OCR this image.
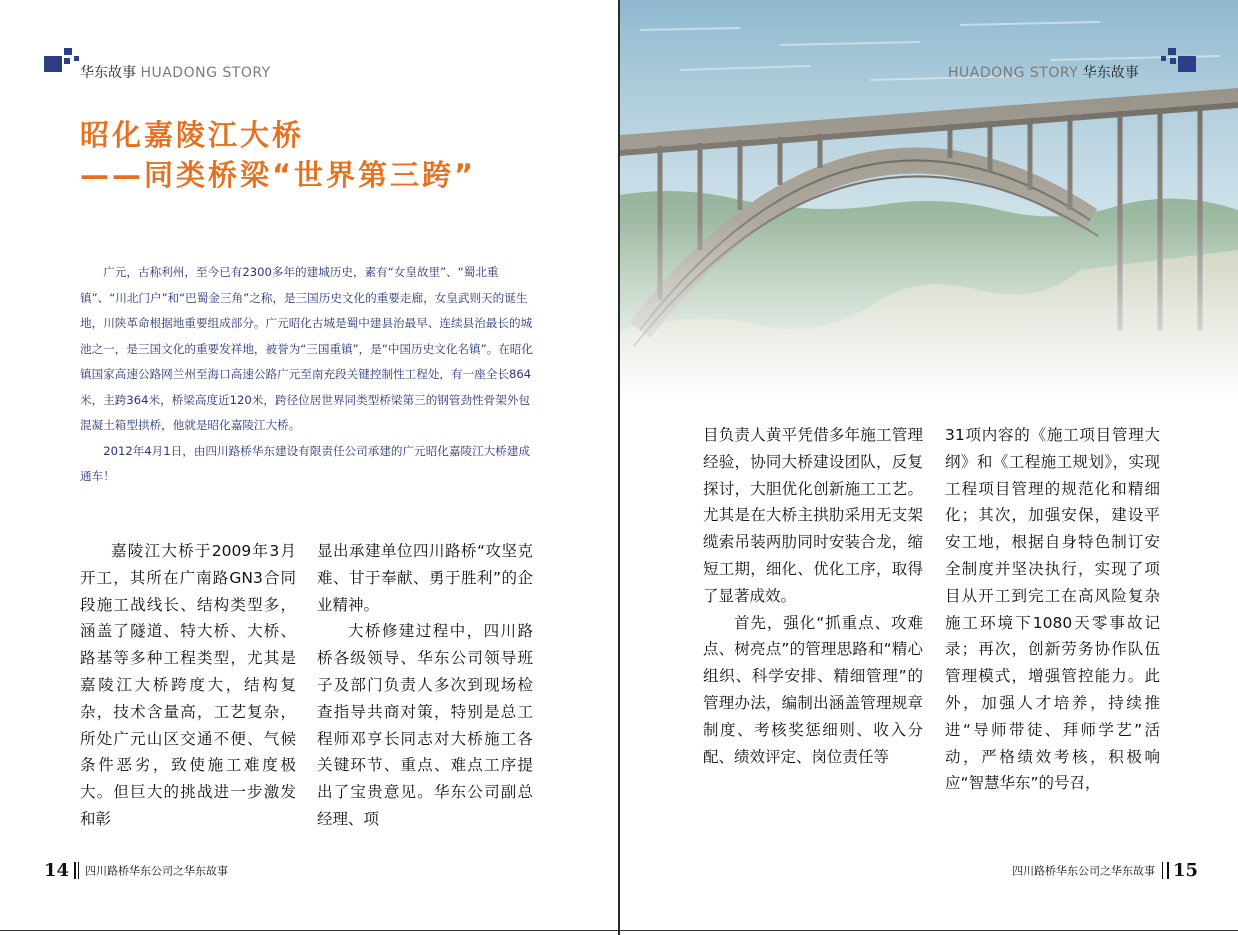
华东故事 HUADONG STORY
昭化嘉陵江大桥
——同类桥梁“世界第三跨”

广元，古称利州，至今已有2300多年的建城历史，素有“女皇故里”、“蜀北重镇”、“川北门户”和“巴蜀金三角”之称，是三国历史文化的重要走廊，女皇武则天的诞生地，川陕革命根据地重要组成部分。广元昭化古城是蜀中建县治最早、连续县治最长的城池之一，是三国文化的重要发祥地，被誉为“三国重镇”，是“中国历史文化名镇”。在昭化镇国家高速公路网兰州至海口高速公路广元至南充段关键控制性工程处，有一座全长864米，主跨364米，桥梁高度近120米，跨径位居世界同类型桥梁第三的钢管劲性骨架外包混凝土箱型拱桥，他就是昭化嘉陵江大桥。

2012年4月1日，由四川路桥华东建设有限责任公司承建的广元昭化嘉陵江大桥建成通车！

嘉陵江大桥于2009年3月开工，其所在广南路GN3合同段施工战线长、结构类型多，涵盖了隧道、特大桥、大桥、路基等多种工程类型，尤其是嘉陵江大桥跨度大，结构复杂，技术含量高，工艺复杂，所处广元山区交通不便、气候条件恶劣，致使施工难度极大。但巨大的挑战进一步激发和彰

显出承建单位四川路桥“攻坚克难、甘于奉献、勇于胜利”的企业精神。

大桥修建过程中，四川路桥各级领导、华东公司领导班子及部门负责人多次到现场检查指导共商对策，特别是总工程师邓亨长同志对大桥施工各关键环节、重点、难点工序提出了宝贵意见。华东公司副总经理、项

14 四川路桥华东公司之华东故事
HUADONG STORY 华东故事

目负责人黄平凭借多年施工管理经验，协同大桥建设团队，反复探讨，大胆优化创新施工工艺。尤其是在大桥主拱肋采用无支架缆索吊装两肋同时安装合龙，缩短工期，细化、优化工序，取得了显著成效。

首先，强化“抓重点、攻难点、树亮点”的管理思路和“精心组织、科学安排、精细管理”的管理办法，编制出涵盖管理规章制度、考核奖惩细则、收入分配、绩效评定、岗位责任等

31项内容的《施工项目管理大纲》和《工程施工规划》，实现工程项目管理的规范化和精细化；其次，加强安保，建设平安工地，根据自身特色制订安全制度并坚决执行，实现了项目从开工到完工在高风险复杂施工环境下1080天零事故记录；再次，创新劳务协作队伍管理模式，增强管控能力。此外，加强人才培养，持续推进“导师带徒、拜师学艺”活动，严格绩效考核，积极响应“智慧华东”的号召，

四川路桥华东公司之华东故事 15
